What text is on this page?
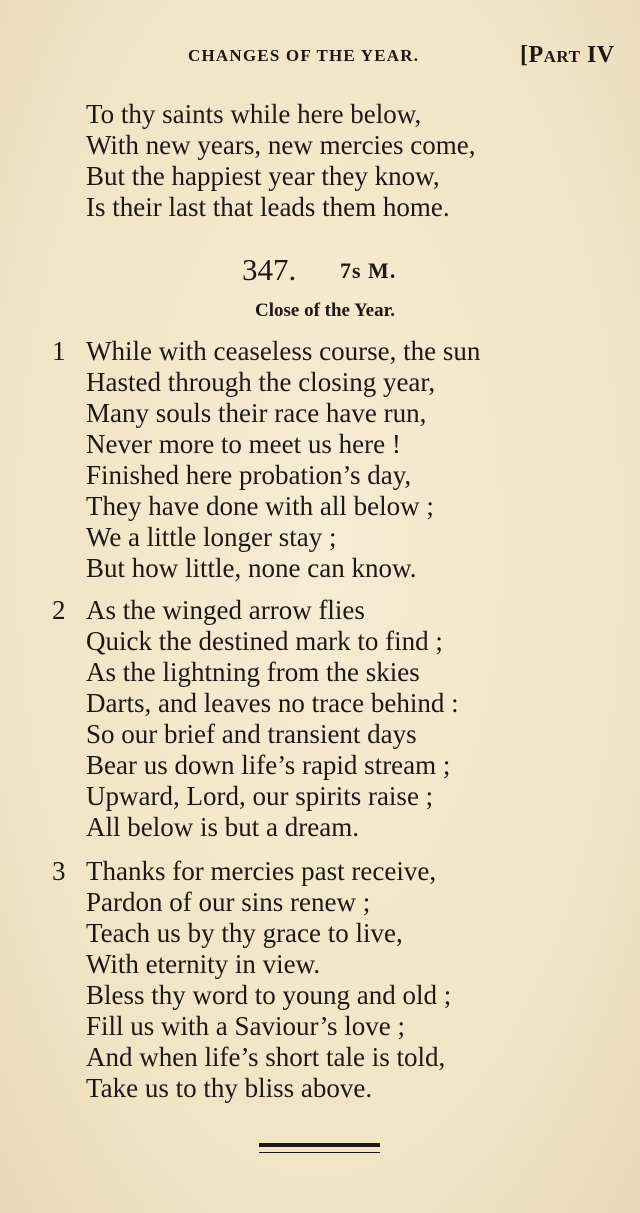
CHANGES OF THE YEAR.	[Part IV
To thy saints while here below,
With new years, new mercies come,
But the happiest year they know,
Is their last that leads them home.
347. 7s M.
Close of the Year.
1 While with ceaseless course, the sun
Hasted through the closing year,
Many souls their race have run,
Never more to meet us here !
Finished here probation’s day,
They have done with all below ;
We a little longer stay ;
But how little, none can know.
2 As the winged arrow flies
Quick the destined mark to find ;
As the lightning from the skies
Darts, and leaves no trace behind :
So our brief and transient days
Bear us down life’s rapid stream ;
Upward, Lord, our spirits raise ;
All below is but a dream.
3 Thanks for mercies past receive,
Pardon of our sins renew ;
Teach us by thy grace to live,
With eternity in view.
Bless thy word to young and old ;
Fill us with a Saviour’s love ;
And when life’s short tale is told,
Take us to thy bliss above.
